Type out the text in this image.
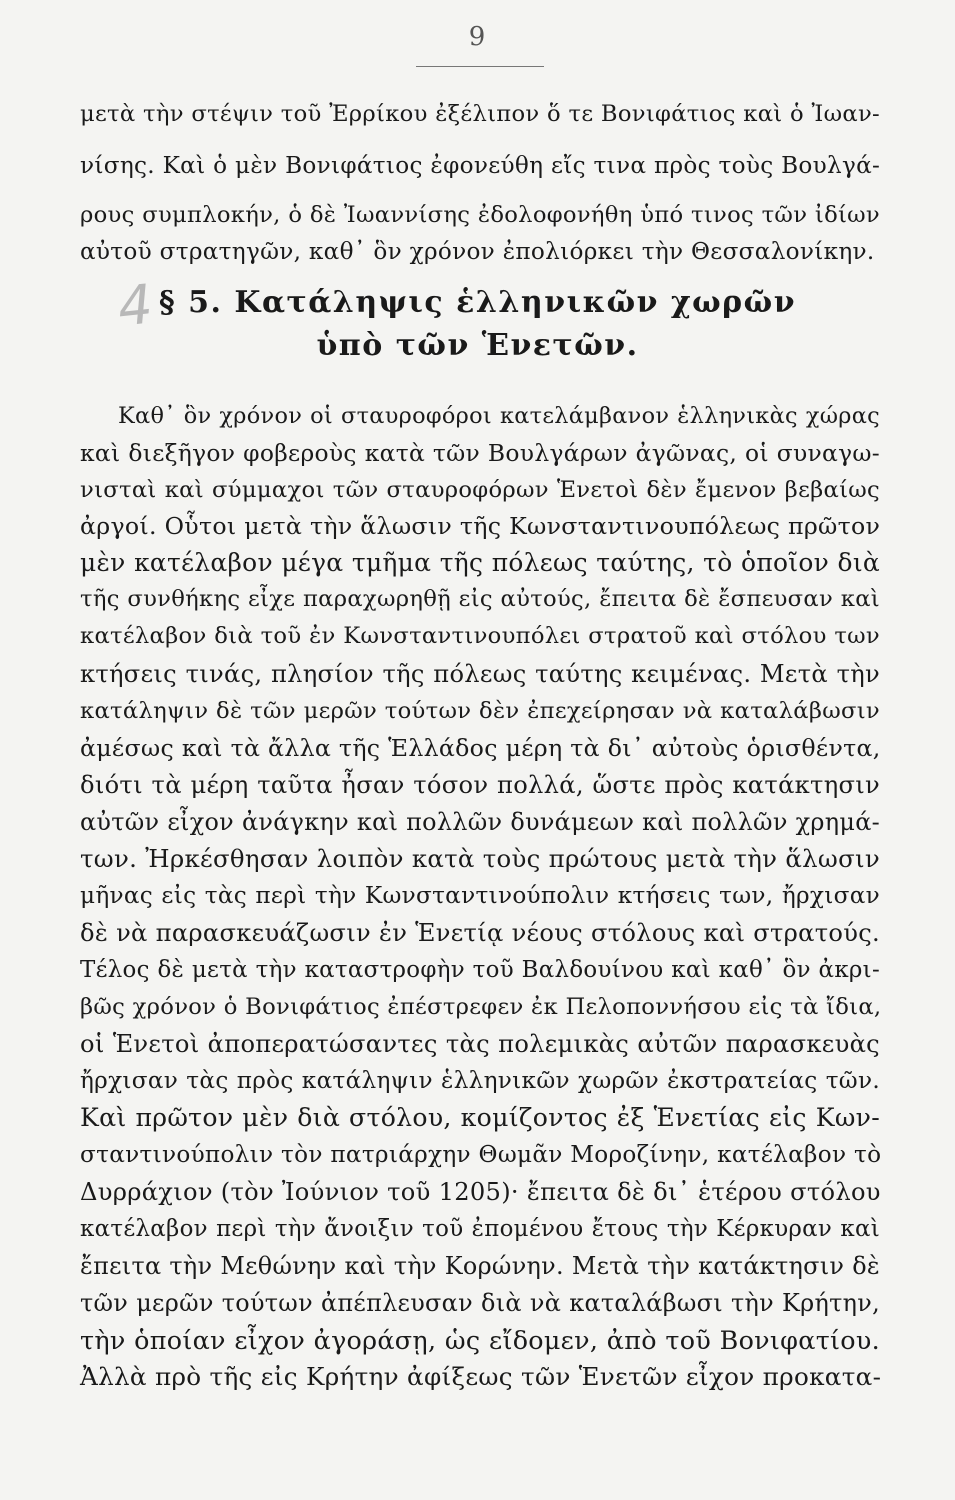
9
4
μετὰ τὴν στέψιν τοῦ Ἐρρίκου ἐξέλιπον ὅ τε Βονιφάτιος καὶ ὁ Ἰωαν-
νίσης. Καὶ ὁ μὲν Βονιφάτιος ἐφονεύθη εἴς τινα πρὸς τοὺς Βουλγά-
ρους συμπλοκήν, ὁ δὲ Ἰωαννίσης ἐδολοφονήθη ὑπό τινος τῶν ἰδίων
αὐτοῦ στρατηγῶν, καθ᾽ ὃν χρόνον ἐπολιόρκει τὴν Θεσσαλονίκην.
§ 5. Κατάληψις ἑλληνικῶν χωρῶν
ὑπὸ τῶν Ἑνετῶν.
Καθ᾽ ὃν χρόνον οἱ σταυροφόροι κατελάμβανον ἑλληνικὰς χώρας
καὶ διεξῆγον φοβεροὺς κατὰ τῶν Βουλγάρων ἀγῶνας, οἱ συναγω-
νισταὶ καὶ σύμμαχοι τῶν σταυροφόρων Ἑνετοὶ δὲν ἔμενον βεβαίως
ἀργοί. Οὗτοι μετὰ τὴν ἅλωσιν τῆς Κωνσταντινουπόλεως πρῶτον
μὲν κατέλαβον μέγα τμῆμα τῆς πόλεως ταύτης, τὸ ὁποῖον διὰ
τῆς συνθήκης εἶχε παραχωρηθῇ εἰς αὐτούς, ἔπειτα δὲ ἔσπευσαν καὶ
κατέλαβον διὰ τοῦ ἐν Κωνσταντινουπόλει στρατοῦ καὶ στόλου των
κτήσεις τινάς, πλησίον τῆς πόλεως ταύτης κειμένας. Μετὰ τὴν
κατάληψιν δὲ τῶν μερῶν τούτων δὲν ἐπεχείρησαν νὰ καταλάβωσιν
ἀμέσως καὶ τὰ ἄλλα τῆς Ἑλλάδος μέρη τὰ δι᾽ αὐτοὺς ὁρισθέντα,
διότι τὰ μέρη ταῦτα ἦσαν τόσον πολλά, ὥστε πρὸς κατάκτησιν
αὐτῶν εἶχον ἀνάγκην καὶ πολλῶν δυνάμεων καὶ πολλῶν χρημά-
των. Ἠρκέσθησαν λοιπὸν κατὰ τοὺς πρώτους μετὰ τὴν ἅλωσιν
μῆνας εἰς τὰς περὶ τὴν Κωνσταντινούπολιν κτήσεις των, ἤρχισαν
δὲ νὰ παρασκευάζωσιν ἐν Ἑνετίᾳ νέους στόλους καὶ στρατούς.
Τέλος δὲ μετὰ τὴν καταστροφὴν τοῦ Βαλδουίνου καὶ καθ᾽ ὃν ἀκρι-
βῶς χρόνον ὁ Βονιφάτιος ἐπέστρεφεν ἐκ Πελοποννήσου εἰς τὰ ἴδια,
οἱ Ἑνετοὶ ἀποπερατώσαντες τὰς πολεμικὰς αὐτῶν παρασκευὰς
ἤρχισαν τὰς πρὸς κατάληψιν ἑλληνικῶν χωρῶν ἐκστρατείας τῶν.
Καὶ πρῶτον μὲν διὰ στόλου, κομίζοντος ἐξ Ἑνετίας εἰς Κων-
σταντινούπολιν τὸν πατριάρχην Θωμᾶν Μοροζίνην, κατέλαβον τὸ
Δυρράχιον (τὸν Ἰούνιον τοῦ 1205)· ἔπειτα δὲ δι᾽ ἑτέρου στόλου
κατέλαβον περὶ τὴν ἄνοιξιν τοῦ ἐπομένου ἔτους τὴν Κέρκυραν καὶ
ἔπειτα τὴν Μεθώνην καὶ τὴν Κορώνην. Μετὰ τὴν κατάκτησιν δὲ
τῶν μερῶν τούτων ἀπέπλευσαν διὰ νὰ καταλάβωσι τὴν Κρήτην,
τὴν ὁποίαν εἶχον ἀγοράσῃ, ὡς εἴδομεν, ἀπὸ τοῦ Βονιφατίου.
Ἀλλὰ πρὸ τῆς εἰς Κρήτην ἀφίξεως τῶν Ἑνετῶν εἶχον προκατα-
